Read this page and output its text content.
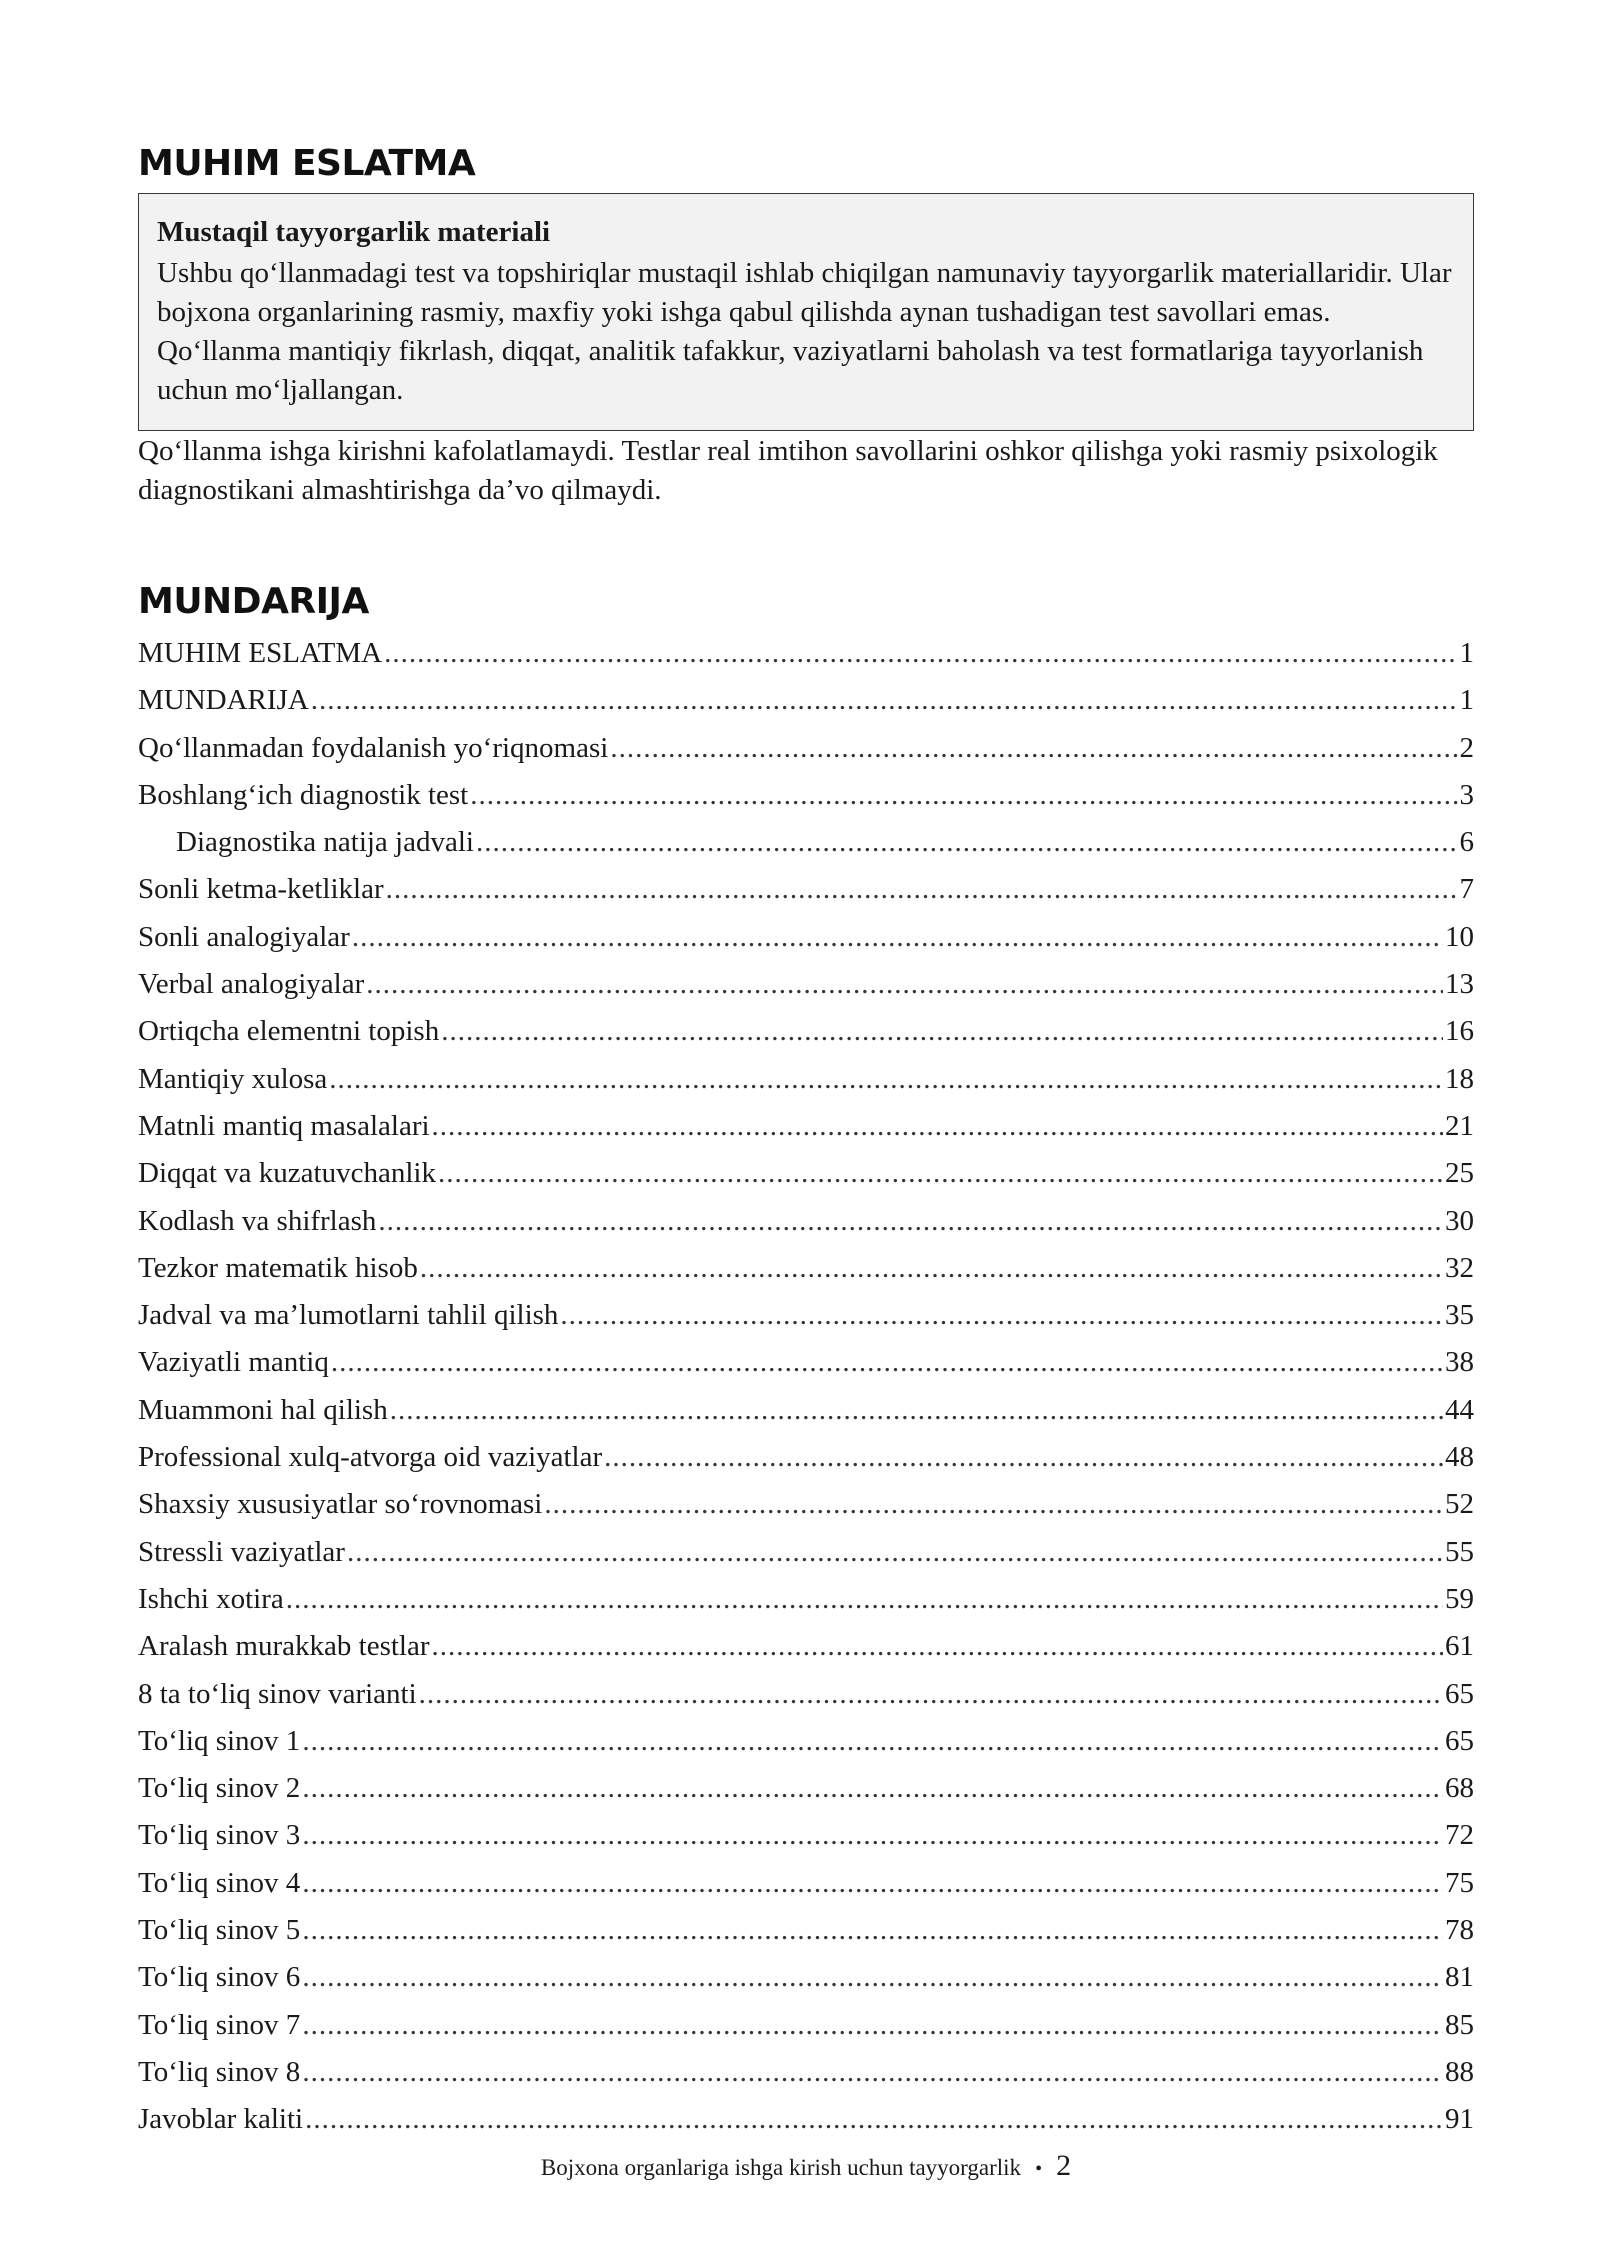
MUHIM ESLATMA

Mustaqil tayyorgarlik materiali

Ushbu qo‘llanmadagi test va topshiriqlar mustaqil ishlab chiqilgan namunaviy tayyorgarlik materiallaridir. Ular bojxona organlarining rasmiy, maxfiy yoki ishga qabul qilishda aynan tushadigan test savollari emas. Qo‘llanma mantiqiy fikrlash, diqqat, analitik tafakkur, vaziyatlarni baholash va test formatlariga tayyorlanish uchun mo‘ljallangan.

Qo‘llanma ishga kirishni kafolatlamaydi. Testlar real imtihon savollarini oshkor qilishga yoki rasmiy psixologik diagnostikani almashtirishga da’vo qilmaydi.

MUNDARIJA
MUHIM ESLATMA .....	1
MUNDARIJA .....	1
Qo‘llanmadan foydalanish yo‘riqnomasi .....	2
Boshlang‘ich diagnostik test .....	3
Diagnostika natija jadvali .....	6
Sonli ketma-ketliklar .....	7
Sonli analogiyalar .....	10
Verbal analogiyalar .....	13
Ortiqcha elementni topish .....	16
Mantiqiy xulosa .....	18
Matnli mantiq masalalari .....	21
Diqqat va kuzatuvchanlik .....	25
Kodlash va shifrlash .....	30
Tezkor matematik hisob .....	32
Jadval va ma’lumotlarni tahlil qilish .....	35
Vaziyatli mantiq .....	38
Muammoni hal qilish .....	44
Professional xulq-atvorga oid vaziyatlar .....	48
Shaxsiy xususiyatlar so‘rovnomasi .....	52
Stressli vaziyatlar .....	55
Ishchi xotira .....	59
Aralash murakkab testlar .....	61
8 ta to‘liq sinov varianti .....	65
To‘liq sinov 1 .....	65
To‘liq sinov 2 .....	68
To‘liq sinov 3 .....	72
To‘liq sinov 4 .....	75
To‘liq sinov 5 .....	78
To‘liq sinov 6 .....	81
To‘liq sinov 7 .....	85
To‘liq sinov 8 .....	88
Javoblar kaliti .....	91
Bojxona organlariga ishga kirish uchun tayyorgarlik • 2
